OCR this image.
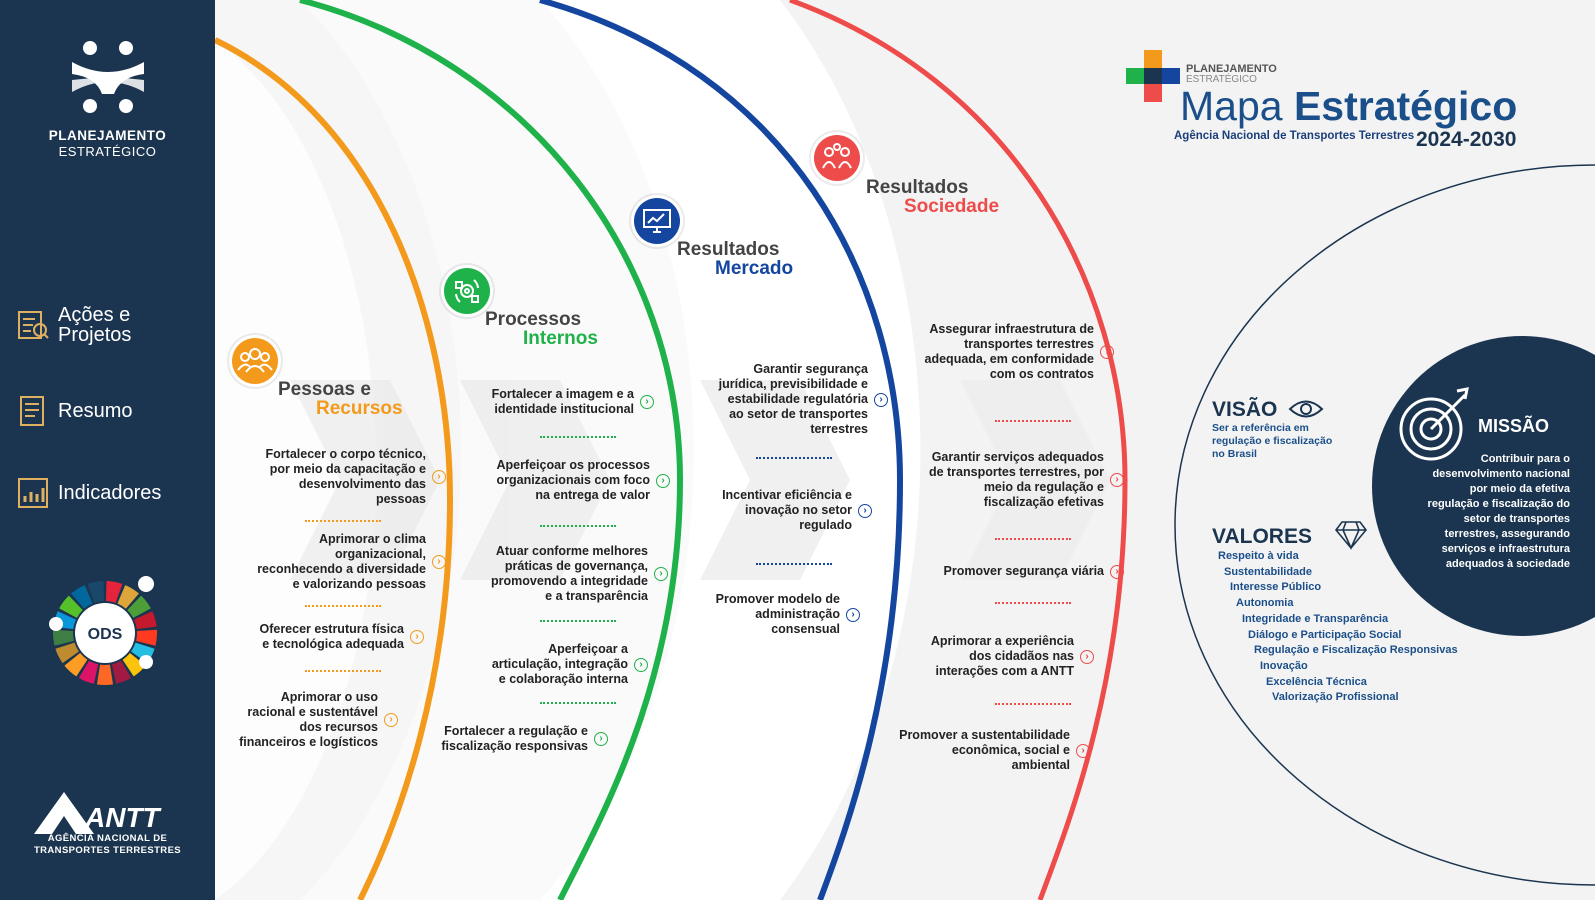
PLANEJAMENTO
ESTRATÉGICO
Ações e
Projetos
Resumo
Indicadores
ODS
ANTT
AGÊNCIA NACIONAL DE
TRANSPORTES TERRESTRES
Pessoas e
Recursos
Processos
Internos
Resultados
Mercado
Resultados
Sociedade
Fortalecer o corpo técnico,
por meio da capacitação e
desenvolvimento das
pessoas
›
Aprimorar o clima
organizacional,
reconhecendo a diversidade
e valorizando pessoas
›
Oferecer estrutura física
e tecnológica adequada
›
Aprimorar o uso
racional e sustentável
dos recursos
financeiros e logísticos
›
Fortalecer a imagem e a
identidade institucional
›
Aperfeiçoar os processos
organizacionais com foco
na entrega de valor
›
Atuar conforme melhores
práticas de governança,
promovendo a integridade
e a transparência
›
Aperfeiçoar a
articulação, integração
e colaboração interna
›
Fortalecer a regulação e
fiscalização responsivas
›
Garantir segurança
jurídica, previsibilidade e
estabilidade regulatória
ao setor de transportes
terrestres
›
Incentivar eficiência e
inovação no setor
regulado
›
Promover modelo de
administração
consensual
›
Assegurar infraestrutura de
transportes terrestres
adequada, em conformidade
com os contratos
›
Garantir serviços adequados
de transportes terrestres, por
meio da regulação e
fiscalização efetivas
›
Promover segurança viária	›
Aprimorar a experiência
dos cidadãos nas
interações com a ANTT
›
Promover a sustentabilidade
econômica, social e
ambiental
›
PLANEJAMENTO
ESTRATÉGICO
Mapa Estratégico
Agência Nacional de Transportes Terrestres 2024-2030
VISÃO
Ser a referência em
regulação e fiscalização
no Brasil
VALORES
Respeito à vida
Sustentabilidade
Interesse Público
Autonomia
Integridade e Transparência
Diálogo e Participação Social
Regulação e Fiscalização Responsivas
Inovação
Excelência Técnica
Valorização Profissional
MISSÃO
Contribuir para o
desenvolvimento nacional
por meio da efetiva
regulação e fiscalização do
setor de transportes
terrestres, assegurando
serviços e infraestrutura
adequados à sociedade
